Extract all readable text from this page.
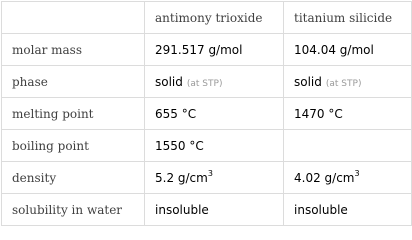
	antimony trioxide	titanium silicide
molar mass	291.517 g/mol	104.04 g/mol
phase	solid (at STP)	solid (at STP)
melting point	655 °C	1470 °C
boiling point	1550 °C	
density	5.2 $g/cm^3$	4.02 $g/cm^3$
solubility in water	insoluble	insoluble
